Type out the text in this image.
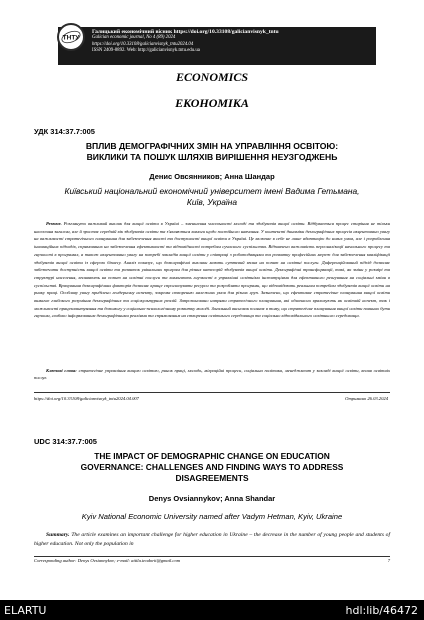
Галицький економічний вісник https://doi.org/10.33108/galicianvisnyk_tntu
Galician economic journal, No 4 (89) 2024
https://doi.org/10.33108/galicianvisnyk_tntu2024.04
ISSN 2409-8892. Web: http://galicianvisnyk.tntu.edu.ua
ТНТУ
ECONOMICS
ЕКОНОМІКА
УДК 314:37.7:005
ВПЛИВ ДЕМОГРАФІЧНИХ ЗМІН НА УПРАВЛІННЯ ОСВІТОЮ:
ВИКЛИКИ ТА ПОШУК ШЛЯХІВ ВИРІШЕННЯ НЕУЗГОДЖЕНЬ
Денис Овсянников; Анна Шандар
Київський національний економічний університет імені Вадима Гетьмана,
Київ, Україна
Резюме. Розглянуто важливий виклик для вищої освіти в Україні – зменшення чисельності молоді та здобувачів вищої освіти. Відбувається процес старіння не тільки населення загалом, але й зростає середній вік здобувачів освіти та з'являються вимоги щодо постійного навчання. У контексті динаміки демографічних процесів акцентовано увагу на важливості стратегічного планування для забезпечення якості та доступності вищої освіти в Україні. Це включає в себе не лише адаптацію до нових умов, але і розроблення інноваційних підходів, спрямованих на забезпечення ефективності та відповідності потребам сучасного суспільства. Відзначено важливість персоналізації начального процесу та гнучкості в програмах, а також акцентовано увагу на потребі закладів вищої освіти у співпраці з роботодавцями та розвитку професійних мереж для забезпечення кваліфікації здобувачів вищої освіти із сферою бізнесу. Аналіз показує, що демографічні виклики мають суттєвий вплив на попит на освітні послуги. Диференційований підхід дозволяє забезпечити доступність вищої освіти та розвиток унікальних програм для різних категорій здобувачів вищої освіти. Демографічні трансформації, такі, як зміни у розмірі та структурі населення, впливають на попит на освітні послуги та вимагають гнучкості в управлінні освітніми інституціями для ефективного реагування на соціальні зміни в суспільстві. Врахування демографічних факторів дозволяє краще спрогнозувати ресурси та розробляти програми, що відповідають реальним потребам здобувачів вищої освіти на ринку праці. Особливу увагу приділено гендерному аспекту, зокрема створенню належних умов для різних груп. Зазначено, що ефективне стратегічне планування вищої освіти вимагає глибокого розуміння демографічних та соціокультурних реалій. Запропоновано напрями стратегічного планування, які одночасно враховують як освітній аспект, так і можливості працевлаштування та допомогу у соціально-психологічному розвитку молоді. Загальний висновок полягає в тому, що стратегічне планування вищої освіти повинно бути гнучким, глибоко інформованим демографічними реаліями та спрямованим на створення освітнього середовища та соціально відповідального освітнього середовища.
Ключові слова: стратегічне управління вищою освітою, ринок праці, молодь, міграційні процеси, соціальна політика, менеджмент у закладі вищої освіти, вплив освітніх послуг.
https://doi.org/10.33108/galicianvisnyk_tntu2024.04.007	Отримано 26.03.2024
UDC 314:37.7:005
THE IMPACT OF DEMOGRAPHIC CHANGE ON EDUCATION
GOVERNANCE: CHALLENGES AND FINDING WAYS TO ADDRESS
DISAGREEMENTS
Denys Ovsiannykov; Anna Shandar
Kyiv National Economic University named after Vadym Hetman, Kyiv, Ukraine
Summary. The article examines an important challenge for higher education in Ukraine – the decrease in the number of young people and students of higher education. Not only the population in
Corresponding author: Denys Ovsiannykov; e-mail: attila.teodorit@gmail.com	7
ELARTU	hdl:lib/46472
